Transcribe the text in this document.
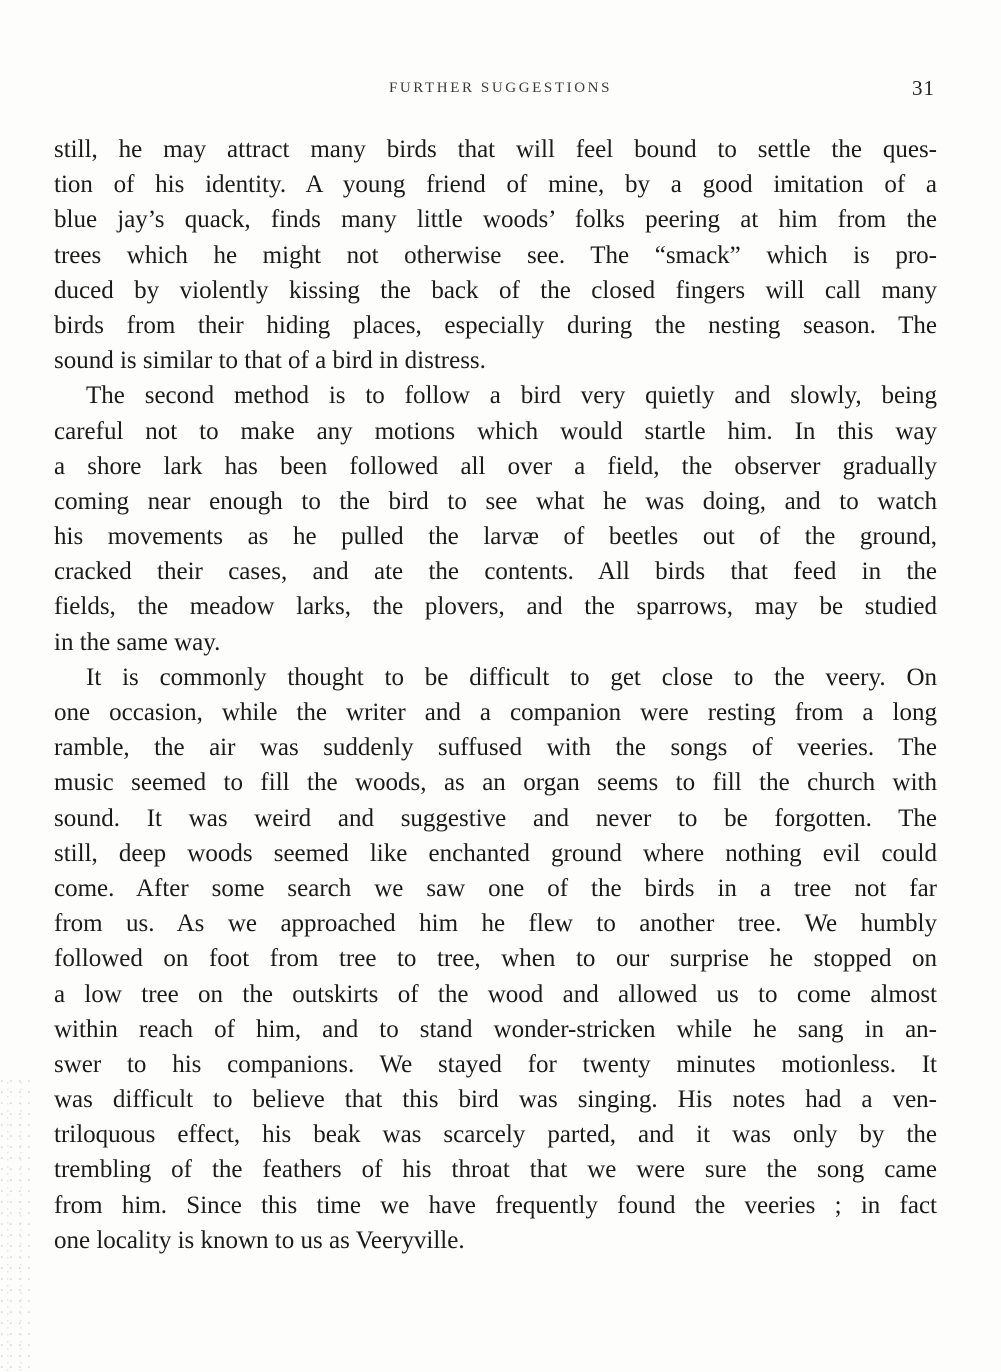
FURTHER SUGGESTIONS	31
still, he may attract many birds that will feel bound to settle the ques-
tion of his identity. A young friend of mine, by a good imitation of a
blue jay’s quack, finds many little woods’ folks peering at him from the
trees which he might not otherwise see. The “smack” which is pro-
duced by violently kissing the back of the closed fingers will call many
birds from their hiding places, especially during the nesting season. The
sound is similar to that of a bird in distress.
The second method is to follow a bird very quietly and slowly, being
careful not to make any motions which would startle him. In this way
a shore lark has been followed all over a field, the observer gradually
coming near enough to the bird to see what he was doing, and to watch
his movements as he pulled the larvæ of beetles out of the ground,
cracked their cases, and ate the contents. All birds that feed in the
fields, the meadow larks, the plovers, and the sparrows, may be studied
in the same way.
It is commonly thought to be difficult to get close to the veery. On
one occasion, while the writer and a companion were resting from a long
ramble, the air was suddenly suffused with the songs of veeries. The
music seemed to fill the woods, as an organ seems to fill the church with
sound. It was weird and suggestive and never to be forgotten. The
still, deep woods seemed like enchanted ground where nothing evil could
come. After some search we saw one of the birds in a tree not far
from us. As we approached him he flew to another tree. We humbly
followed on foot from tree to tree, when to our surprise he stopped on
a low tree on the outskirts of the wood and allowed us to come almost
within reach of him, and to stand wonder-stricken while he sang in an-
swer to his companions. We stayed for twenty minutes motionless. It
was difficult to believe that this bird was singing. His notes had a ven-
triloquous effect, his beak was scarcely parted, and it was only by the
trembling of the feathers of his throat that we were sure the song came
from him. Since this time we have frequently found the veeries ; in fact
one locality is known to us as Veeryville.
